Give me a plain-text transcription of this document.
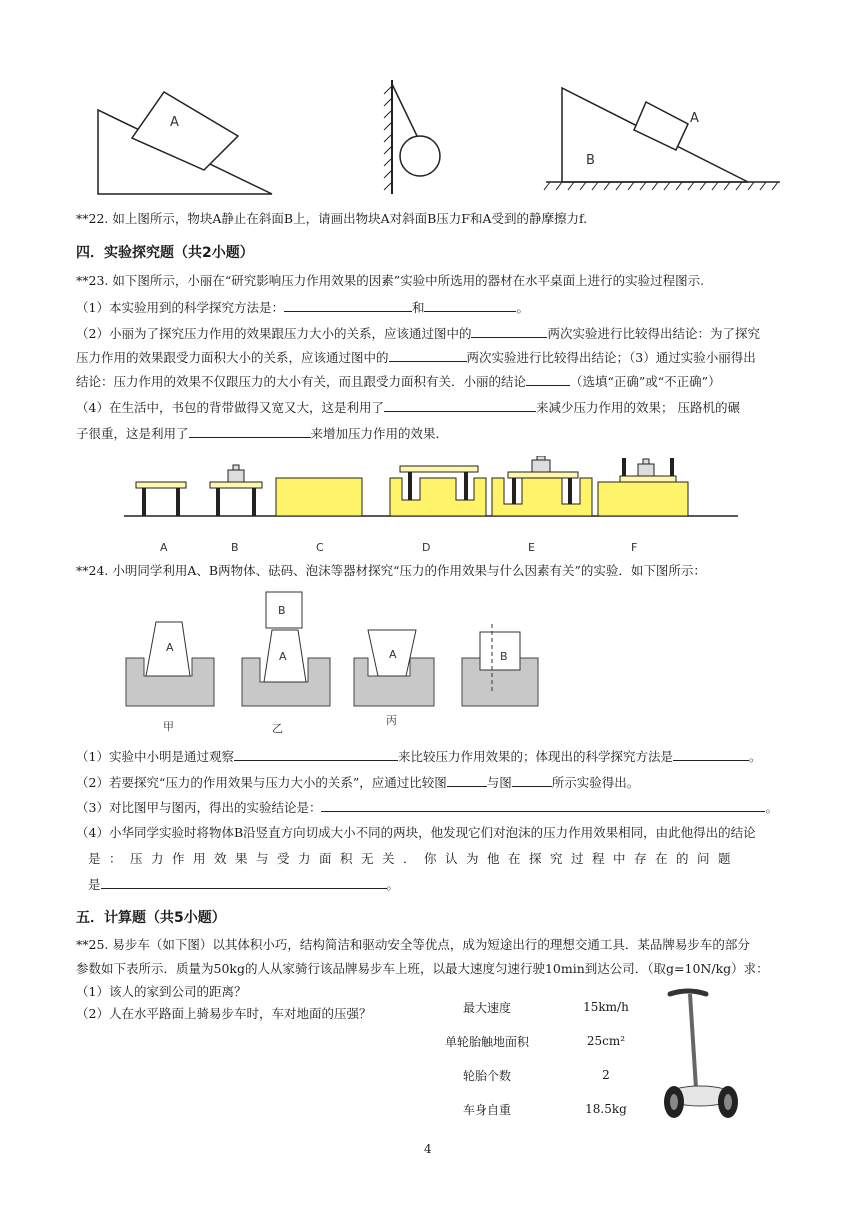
A	A
B
**22. 如上图所示，物块A静止在斜面B上，请画出物块A对斜面B压力F和A受到的静摩擦力f.
四．实验探究题（共2小题）
**23. 如下图所示，小丽在“研究影响压力作用效果的因素”实验中所选用的器材在水平桌面上进行的实验过程图示.
（1）本实验用到的科学探究方法是：	和	。
（2）小丽为了探究压力作用的效果跟压力大小的关系，应该通过图中的	两次实验进行比较得出结论：为了探究
压力作用的效果跟受力面积大小的关系，应该通过图中的	两次实验进行比较得出结论；（3）通过实验小丽得出
结论：压力作用的效果不仅跟压力的大小有关，而且跟受力面积有关．小丽的结论	（选填“正确”或“不正确”）
（4）在生活中，书包的背带做得又宽又大，这是利用了	来减少压力作用的效果； 压路机的碾
子很重，这是利用了	来增加压力作用的效果．
A	B	C	D	E	F
**24. 小明同学利用A、B两物体、砝码、泡沫等器材探究“压力的作用效果与什么因素有关”的实验．如下图所示：
A
B
A	A	B
甲	乙
丙
（1）实验中小明是通过观察	来比较压力作用效果的；体现出的科学探究方法是	。
（2）若要探究“压力的作用效果与压力大小的关系”，应通过比较图	与图	所示实验得出。
（3）对比图甲与图丙，得出的实验结论是：	。
（4）小华同学实验时将物体B沿竖直方向切成大小不同的两块，他发现它们对泡沫的压力作用效果相同，由此他得出的结论
是：压力作用效果与受力面积无关．你认为他在探究过程中存在的问题
是	。
五．计算题（共5小题）
**25. 易步车（如下图）以其体积小巧，结构简洁和驱动安全等优点，成为短途出行的理想交通工具．某品牌易步车的部分
参数如下表所示．质量为50kg的人从家骑行该品牌易步车上班，以最大速度匀速行驶10min到达公司．（取g=10N/kg）求：
（1）该人的家到公司的距离？
（2）人在水平路面上骑易步车时，车对地面的压强？	最大速度	15km/h
单轮胎触地面积	25cm²
轮胎个数	2
车身自重	18.5kg
4
